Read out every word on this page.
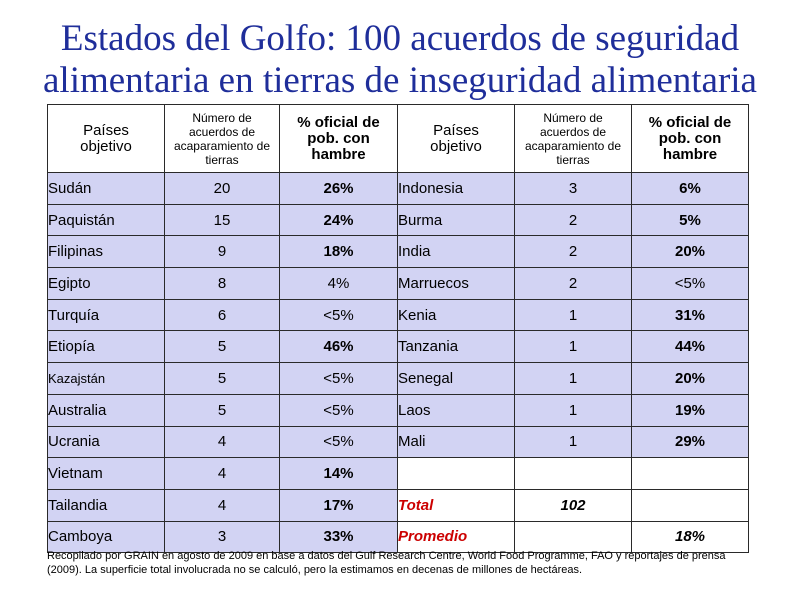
Estados del Golfo: 100 acuerdos de seguridad
alimentaria en tierras de inseguridad alimentaria
Países
objetivo	Número de
acuerdos de
acaparamiento de
tierras	% oficial de
pob. con
hambre	Países
objetivo	Número de
acuerdos de
acaparamiento de
tierras	% oficial de
pob. con
hambre

Sudán	20	26%	Indonesia	3	6%
Paquistán	15	24%	Burma	2	5%
Filipinas	9	18%	India	2	20%
Egipto	8	4%	Marruecos	2	<5%
Turquía	6	<5%	Kenia	1	31%
Etiopía	5	46%	Tanzania	1	44%
Kazajstán	5	<5%	Senegal	1	20%
Australia	5	<5%	Laos	1	19%
Ucrania	4	<5%	Mali	1	29%
Vietnam	4	14%			
Tailandia	4	17%	Total	102	
Camboya	3	33%	Promedio		18%

Recopilado por GRAIN en agosto de 2009 en base a datos del Gulf Research Centre, World Food Programme, FAO y reportajes de prensa (2009). La superficie total involucrada no se calculó, pero la estimamos en decenas de millones de hectáreas.
